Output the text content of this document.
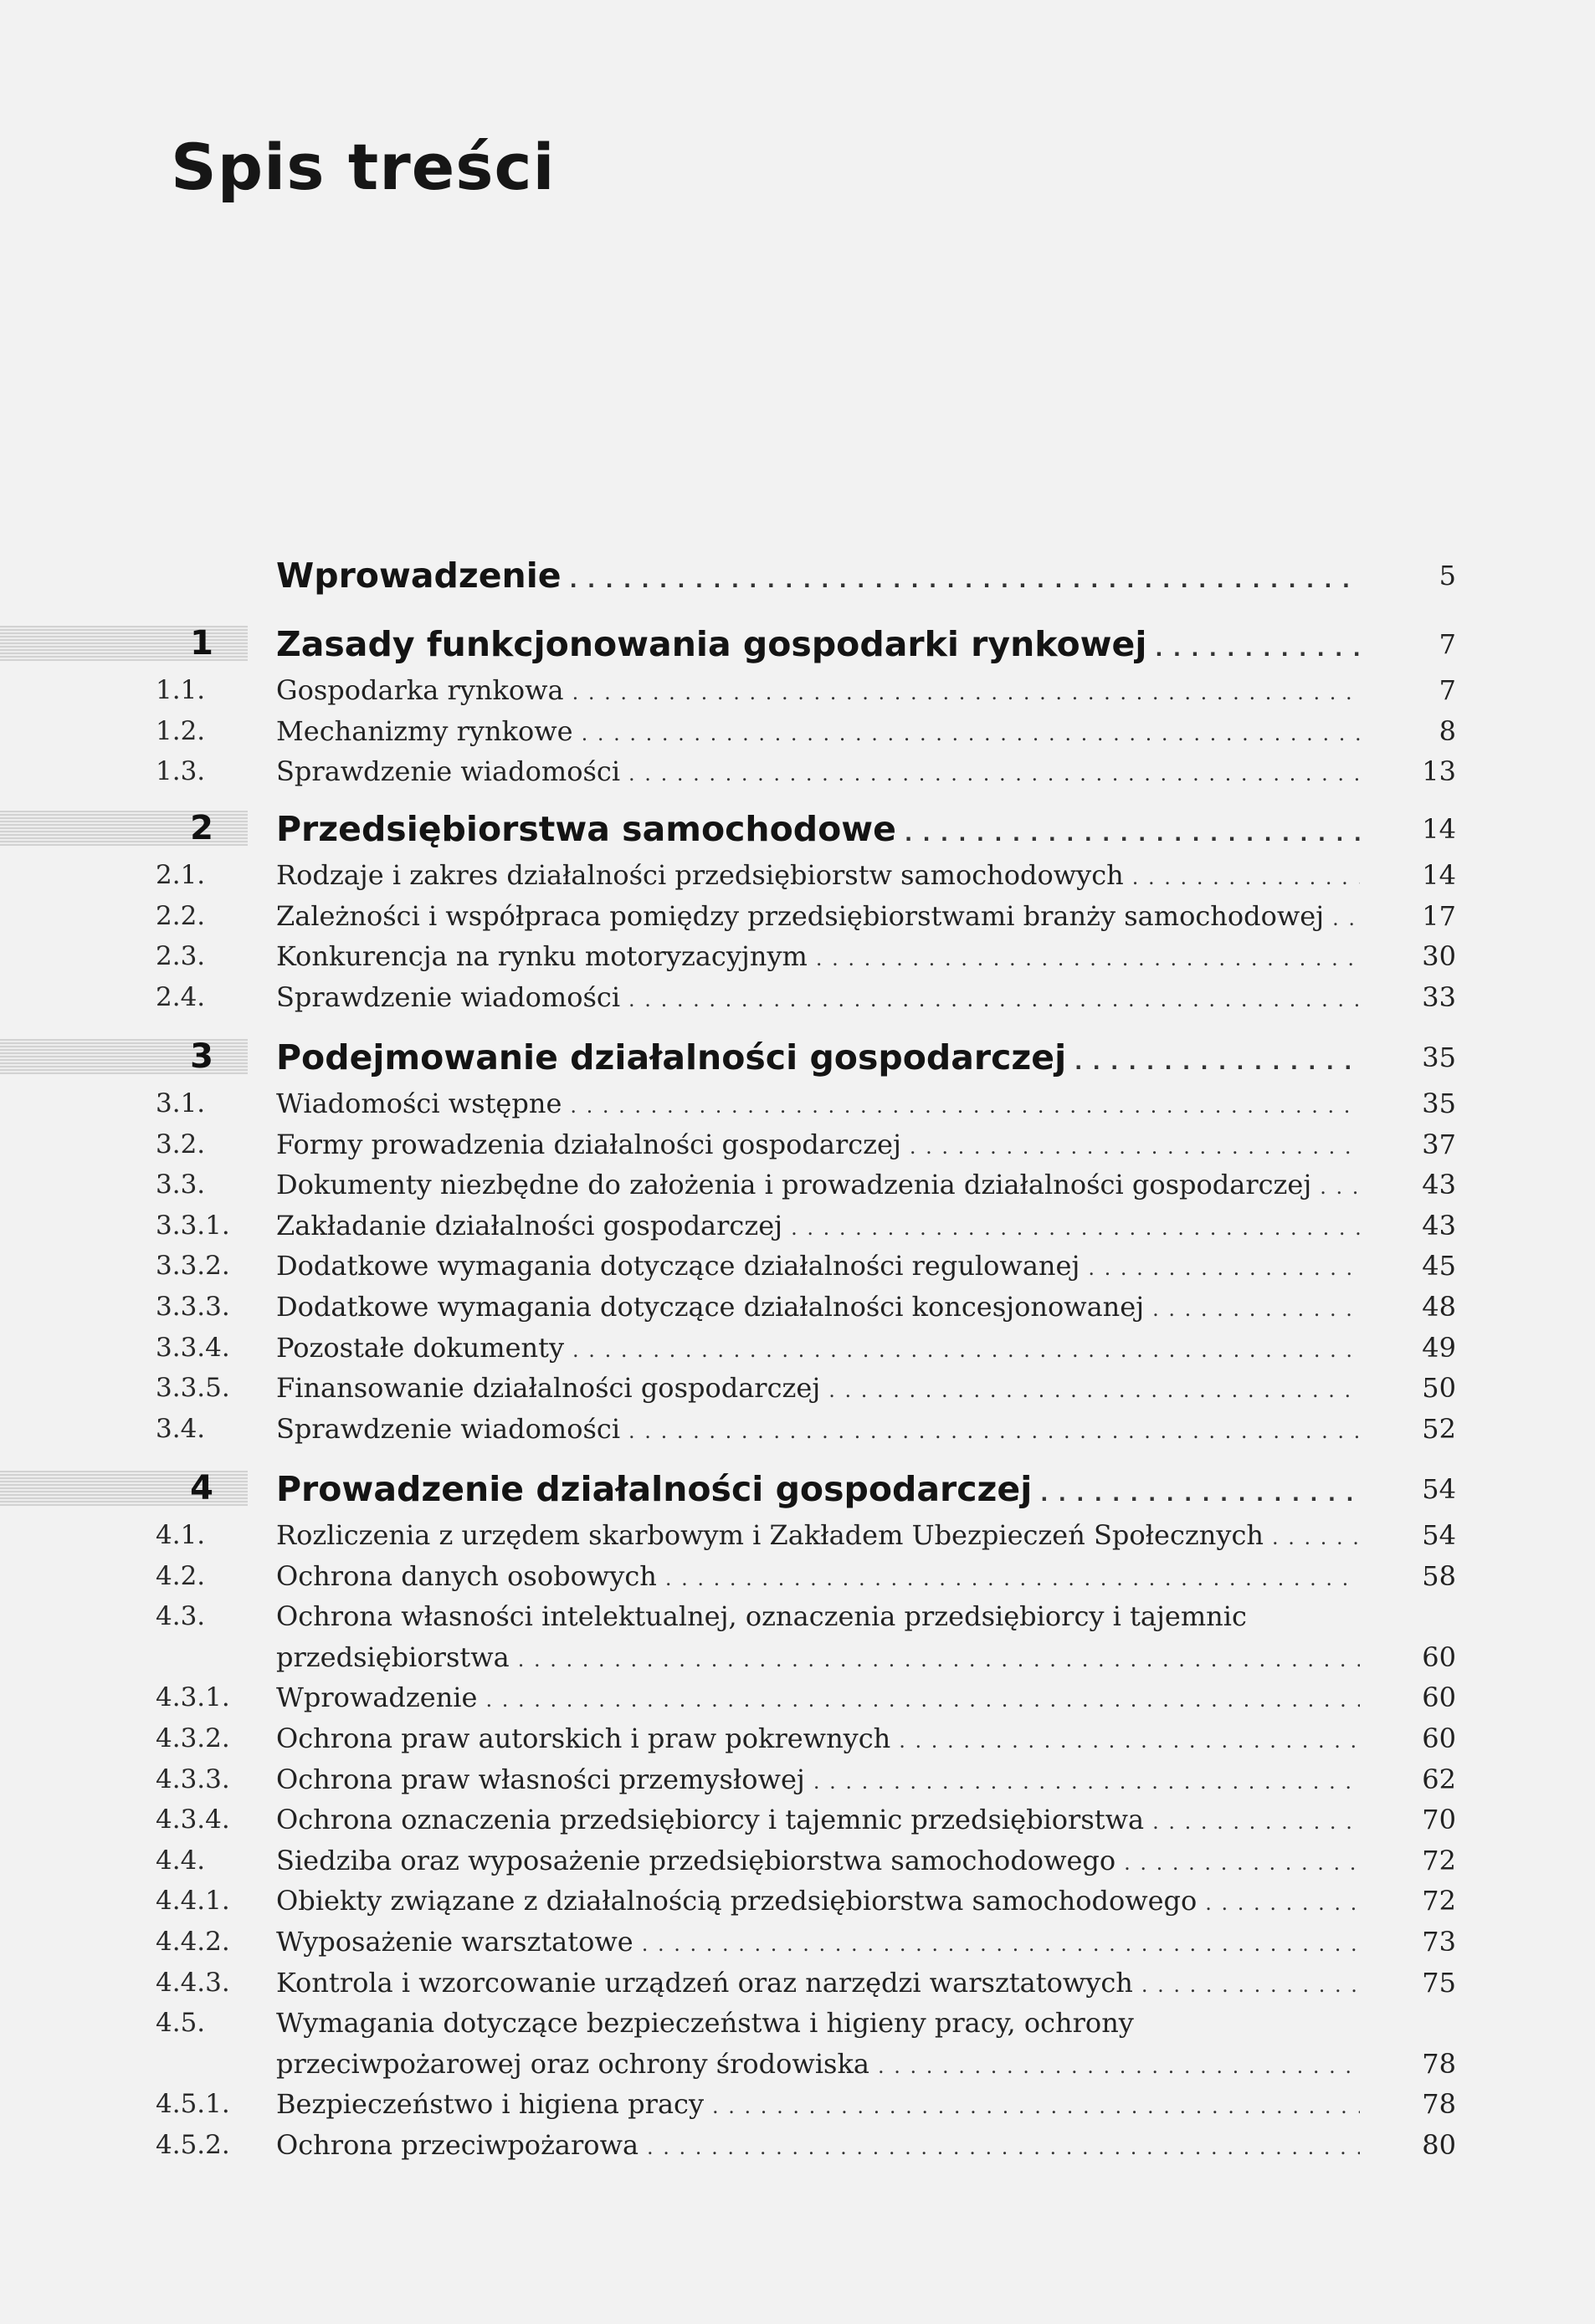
Spis treści
Wprowadzenie . . .	5
1	Zasady funkcjonowania gospodarki rynkowej . . .	7
1.1.	Gospodarka rynkowa . . .	7
1.2.	Mechanizmy rynkowe . . .	8
1.3.	Sprawdzenie wiadomości . . .	13
2	Przedsiębiorstwa samochodowe . . .	14
2.1.	Rodzaje i zakres działalności przedsiębiorstw samochodowych . . .	14
2.2.	Zależności i współpraca pomiędzy przedsiębiorstwami branży samochodowej . . .	17
2.3.	Konkurencja na rynku motoryzacyjnym . . .	30
2.4.	Sprawdzenie wiadomości . . .	33
3	Podejmowanie działalności gospodarczej . . .	35
3.1.	Wiadomości wstępne . . .	35
3.2.	Formy prowadzenia działalności gospodarczej . . .	37
3.3.	Dokumenty niezbędne do założenia i prowadzenia działalności gospodarczej . . .	43
3.3.1.	Zakładanie działalności gospodarczej . . .	43
3.3.2.	Dodatkowe wymagania dotyczące działalności regulowanej . . .	45
3.3.3.	Dodatkowe wymagania dotyczące działalności koncesjonowanej . . .	48
3.3.4.	Pozostałe dokumenty . . .	49
3.3.5.	Finansowanie działalności gospodarczej . . .	50
3.4.	Sprawdzenie wiadomości . . .	52
4	Prowadzenie działalności gospodarczej . . .	54
4.1.	Rozliczenia z urzędem skarbowym i Zakładem Ubezpieczeń Społecznych . . .	54
4.2.	Ochrona danych osobowych . . .	58
4.3.	Ochrona własności intelektualnej, oznaczenia przedsiębiorcy i tajemnic
przedsiębiorstwa . . .	60
4.3.1.	Wprowadzenie . . .	60
4.3.2.	Ochrona praw autorskich i praw pokrewnych . . .	60
4.3.3.	Ochrona praw własności przemysłowej . . .	62
4.3.4.	Ochrona oznaczenia przedsiębiorcy i tajemnic przedsiębiorstwa . . .	70
4.4.	Siedziba oraz wyposażenie przedsiębiorstwa samochodowego . . .	72
4.4.1.	Obiekty związane z działalnością przedsiębiorstwa samochodowego . . .	72
4.4.2.	Wyposażenie warsztatowe . . .	73
4.4.3.	Kontrola i wzorcowanie urządzeń oraz narzędzi warsztatowych . . .	75
4.5.	Wymagania dotyczące bezpieczeństwa i higieny pracy, ochrony
przeciwpożarowej oraz ochrony środowiska . . .	78
4.5.1.	Bezpieczeństwo i higiena pracy . . .	78
4.5.2.	Ochrona przeciwpożarowa . . .	80
